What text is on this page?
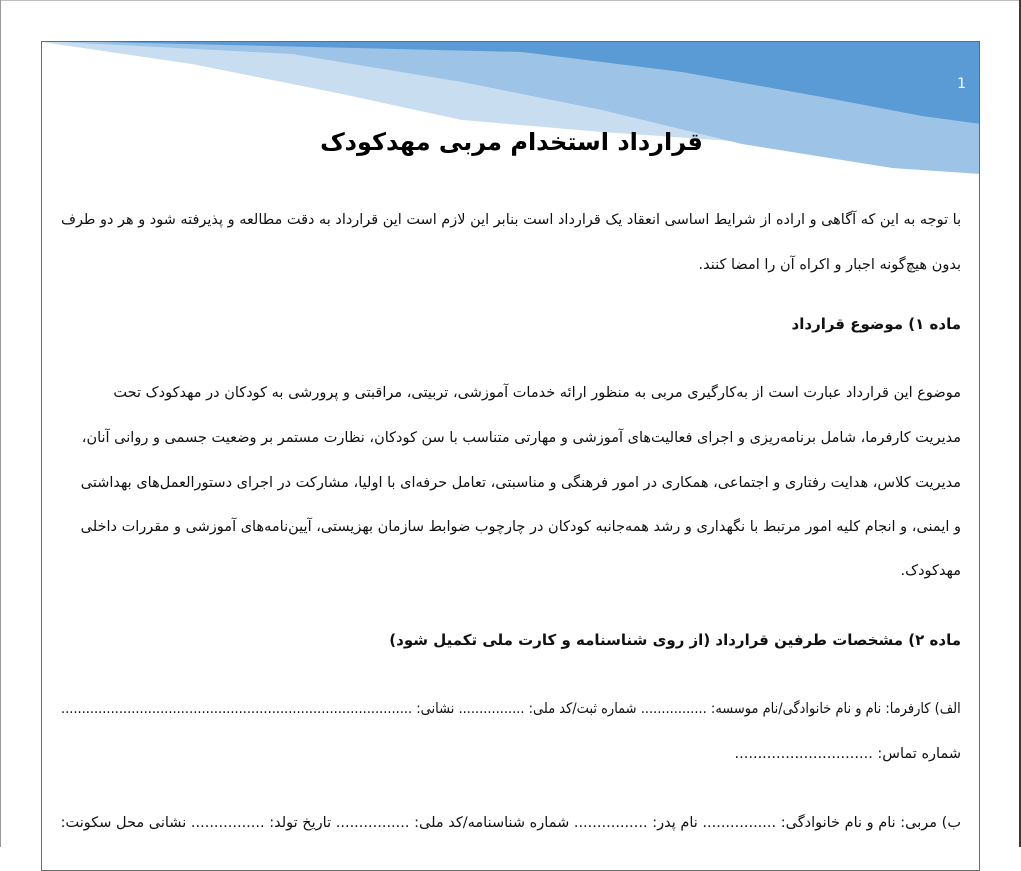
1
قرارداد استخدام مربی مهدکودک
با توجه به این که آگاهی و اراده از شرایط اساسی انعقاد یک قرارداد است بنابر این لازم است این قرارداد به دقت مطالعه و پذیرفته شود و هر دو طرف
بدون هیچ‌گونه اجبار و اکراه آن را امضا کنند.
ماده ۱) موضوع قرارداد
موضوع این قرارداد عبارت است از به‌کارگیری مربی به منظور ارائه خدمات آموزشی، تربیتی، مراقبتی و پرورشی به کودکان در مهدکودک تحت
مدیریت کارفرما، شامل برنامه‌ریزی و اجرای فعالیت‌های آموزشی و مهارتی متناسب با سن کودکان، نظارت مستمر بر وضعیت جسمی و روانی آنان،
مدیریت کلاس، هدایت رفتاری و اجتماعی، همکاری در امور فرهنگی و مناسبتی، تعامل حرفه‌ای با اولیا، مشارکت در اجرای دستورالعمل‌های بهداشتی
و ایمنی، و انجام کلیه امور مرتبط با نگهداری و رشد همه‌جانبه کودکان در چارچوب ضوابط سازمان بهزیستی، آیین‌نامه‌های آموزشی و مقررات داخلی
مهدکودک.
ماده ۲) مشخصات طرفین قرارداد (از روی شناسنامه و کارت ملی تکمیل شود)
الف) کارفرما: نام و نام خانوادگی/نام موسسه: ................ شماره ثبت/کد ملی: ................ نشانی: .....................................................................................
شماره تماس: ..............................
ب) مربی: نام و نام خانوادگی: ................ نام پدر: ................ شماره شناسنامه/کد ملی: ................ تاریخ تولد: ................ نشانی محل سکونت:
